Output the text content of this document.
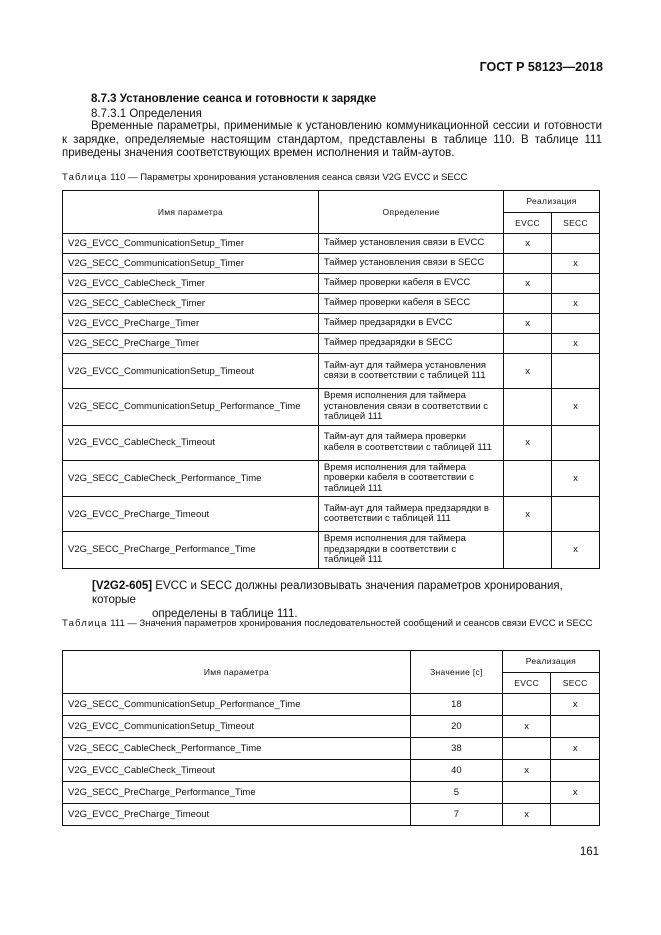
ГОСТ Р 58123—2018
8.7.3 Установление сеанса и готовности к зарядке
8.7.3.1 Определения

Временные параметры, применимые к установлению коммуникационной сессии и готовности к зарядке, определяемые настоящим стандартом, представлены в таблице 110. В таблице 111 приведены значения соответствующих времен исполнения и тайм-аутов.

Таблица 110 — Параметры хронирования установления сеанса связи V2G EVCC и SECC
Имя параметра	Определение	Реализация	
		EVCC	SECC
V2G_EVCC_CommunicationSetup_Timer	Таймер установления связи в EVCC	x	
V2G_SECC_CommunicationSetup_Timer	Таймер установления связи в SECC		x
V2G_EVCC_CableCheck_Timer	Таймер проверки кабеля в EVCC	x	
V2G_SECC_CableCheck_Timer	Таймер проверки кабеля в SECC		x
V2G_EVCC_PreCharge_Timer	Таймер предзарядки в EVCC	x	
V2G_SECC_PreCharge_Timer	Таймер предзарядки в SECC		x
V2G_EVCC_CommunicationSetup_Timeout	Тайм-аут для таймера установления связи в соответствии с таблицей 111	x	
V2G_SECC_CommunicationSetup_Performance_Time	Время исполнения для таймера установления связи в соответствии с таблицей 111		x
V2G_EVCC_CableCheck_Timeout	Тайм-аут для таймера проверки кабеля в соответствии с таблицей 111	x	
V2G_SECC_CableCheck_Performance_Time	Время исполнения для таймера проверки кабеля в соответствии с таблицей 111		x
V2G_EVCC_PreCharge_Timeout	Тайм-аут для таймера предзарядки в соответствии с таблицей 111	x	
V2G_SECC_PreCharge_Performance_Time	Время исполнения для таймера предзарядки в соответствии с таблицей 111		x

[V2G2-605] EVCC и SECC должны реализовывать значения параметров хронирования, которые
определены в таблице 111.

Таблица 111 — Значения параметров хронирования последовательностей сообщений и сеансов связи EVCC и SECC
Имя параметра	Значение [c]	Реализация	
		EVCC	SECC
V2G_SECC_CommunicationSetup_Performance_Time	18		x
V2G_EVCC_CommunicationSetup_Timeout	20	x	
V2G_SECC_CableCheck_Performance_Time	38		x
V2G_EVCC_CableCheck_Timeout	40	x	
V2G_SECC_PreCharge_Performance_Time	5		x
V2G_EVCC_PreCharge_Timeout	7	x	
161
